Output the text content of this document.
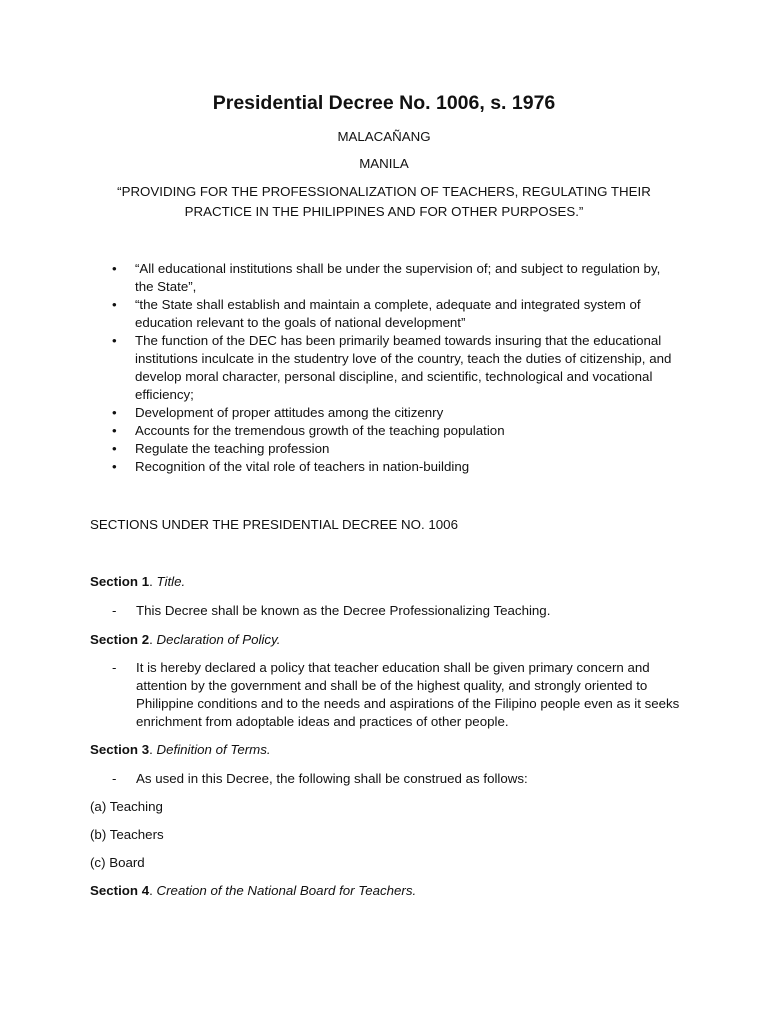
Presidential Decree No. 1006, s. 1976
MALACAÑANG
MANILA
“PROVIDING FOR THE PROFESSIONALIZATION OF TEACHERS, REGULATING THEIR PRACTICE IN THE PHILIPPINES AND FOR OTHER PURPOSES.”
• “All educational institutions shall be under the supervision of; and subject to regulation by, the State”,
• “the State shall establish and maintain a complete, adequate and integrated system of education relevant to the goals of national development”
• The function of the DEC has been primarily beamed towards insuring that the educational institutions inculcate in the studentry love of the country, teach the duties of citizenship, and develop moral character, personal discipline, and scientific, technological and vocational efficiency;
• Development of proper attitudes among the citizenry
• Accounts for the tremendous growth of the teaching population
• Regulate the teaching profession
• Recognition of the vital role of teachers in nation-building
SECTIONS UNDER THE PRESIDENTIAL DECREE NO. 1006
Section 1. Title.
-	This Decree shall be known as the Decree Professionalizing Teaching.
Section 2. Declaration of Policy.
-	It is hereby declared a policy that teacher education shall be given primary concern and attention by the government and shall be of the highest quality, and strongly oriented to Philippine conditions and to the needs and aspirations of the Filipino people even as it seeks enrichment from adoptable ideas and practices of other people.
Section 3. Definition of Terms.
-	As used in this Decree, the following shall be construed as follows:
(a) Teaching
(b) Teachers
(c) Board
Section 4. Creation of the National Board for Teachers.
